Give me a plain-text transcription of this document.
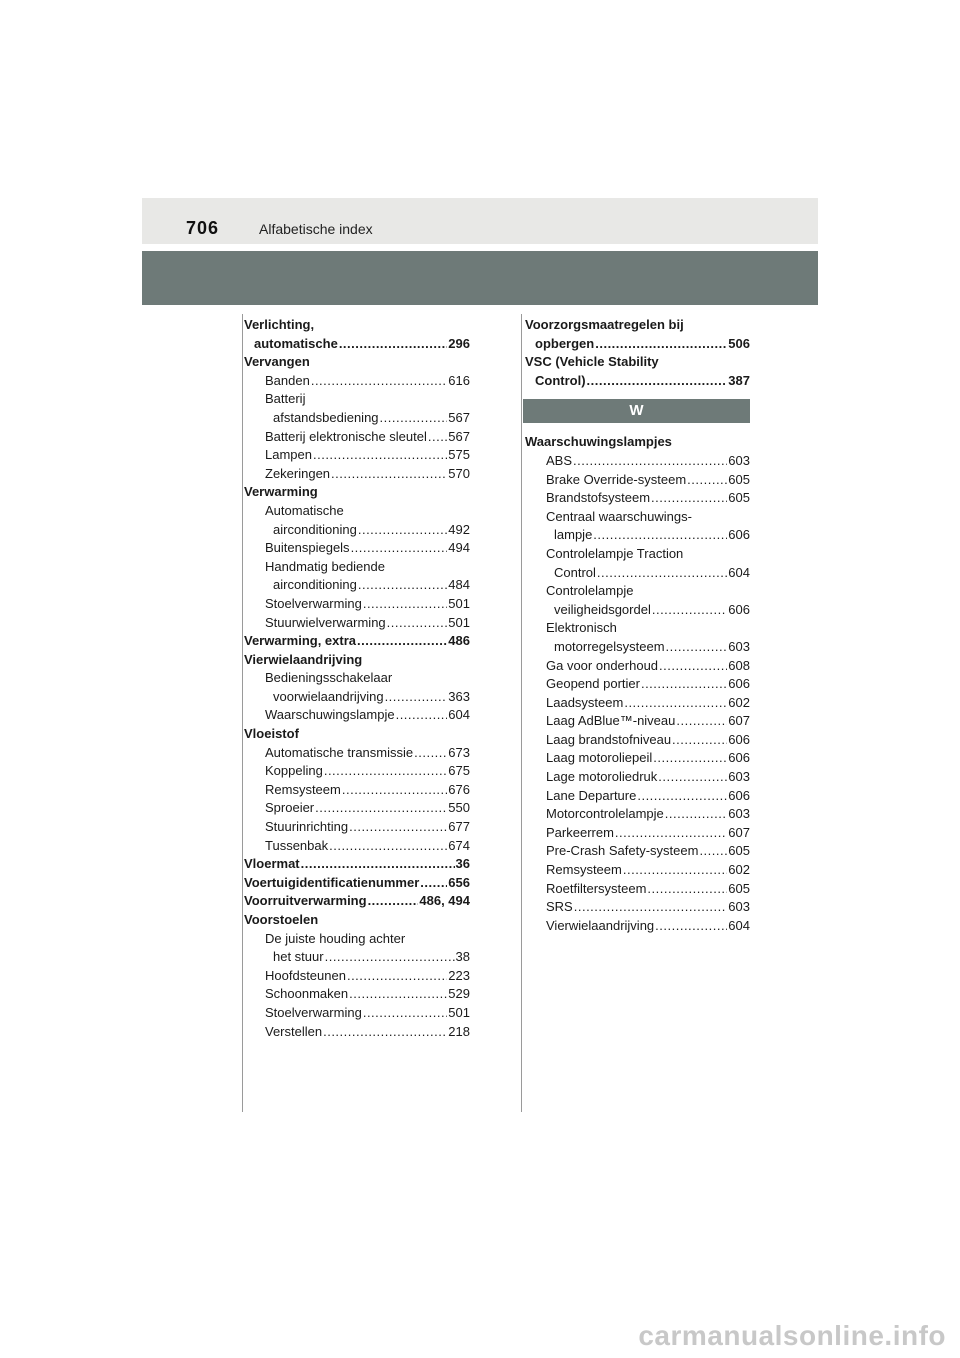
706	Alfabetische index
Verlichting,
automatische .....	296
Vervangen
Banden .....	616
Batterij
afstandsbediening .....	567
Batterij elektronische sleutel ..... 567
Lampen .....	575
Zekeringen .....	570
Verwarming
Automatische
airconditioning .....	492
Buitenspiegels .....	494
Handmatig bediende
airconditioning .....	484
Stoelverwarming .....	501
Stuurwielverwarming .....	501
Verwarming, extra .....	486
Vierwielaandrijving
Bedieningsschakelaar
voorwielaandrijving .....	363
Waarschuwingslampje .....	604
Vloeistof
Automatische transmissie .....	673
Koppeling .....	675
Remsysteem .....	676
Sproeier .....	550
Stuurinrichting .....	677
Tussenbak .....	674
Vloermat .....	36
Voertuigidentificatienummer ..... 656
Voorruitverwarming .....	486, 494
Voorstoelen
De juiste houding achter
het stuur .....	38
Hoofdsteunen .....	223
Schoonmaken .....	529
Stoelverwarming .....	501
Verstellen .....	218
Voorzorgsmaatregelen bij
opbergen .....	506
VSC (Vehicle Stability
Control) .....	387
W
Waarschuwingslampjes
ABS .....	603
Brake Override-systeem .....	605
Brandstofsysteem .....	605
Centraal waarschuwings-
lampje .....	606
Controlelampje Traction
Control .....	604
Controlelampje
veiligheidsgordel .....	606
Elektronisch
motorregelsysteem .....	603
Ga voor onderhoud .....	608
Geopend portier .....	606
Laadsysteem .....	602
Laag AdBlue™-niveau .....	607
Laag brandstofniveau .....	606
Laag motoroliepeil .....	606
Lage motoroliedruk .....	603
Lane Departure .....	606
Motorcontrolelampje .....	603
Parkeerrem .....	607
Pre-Crash Safety-systeem ..... 605
Remsysteem .....	602
Roetfiltersysteem .....	605
SRS .....	603
Vierwielaandrijving .....	604
carmanualsonline.info
